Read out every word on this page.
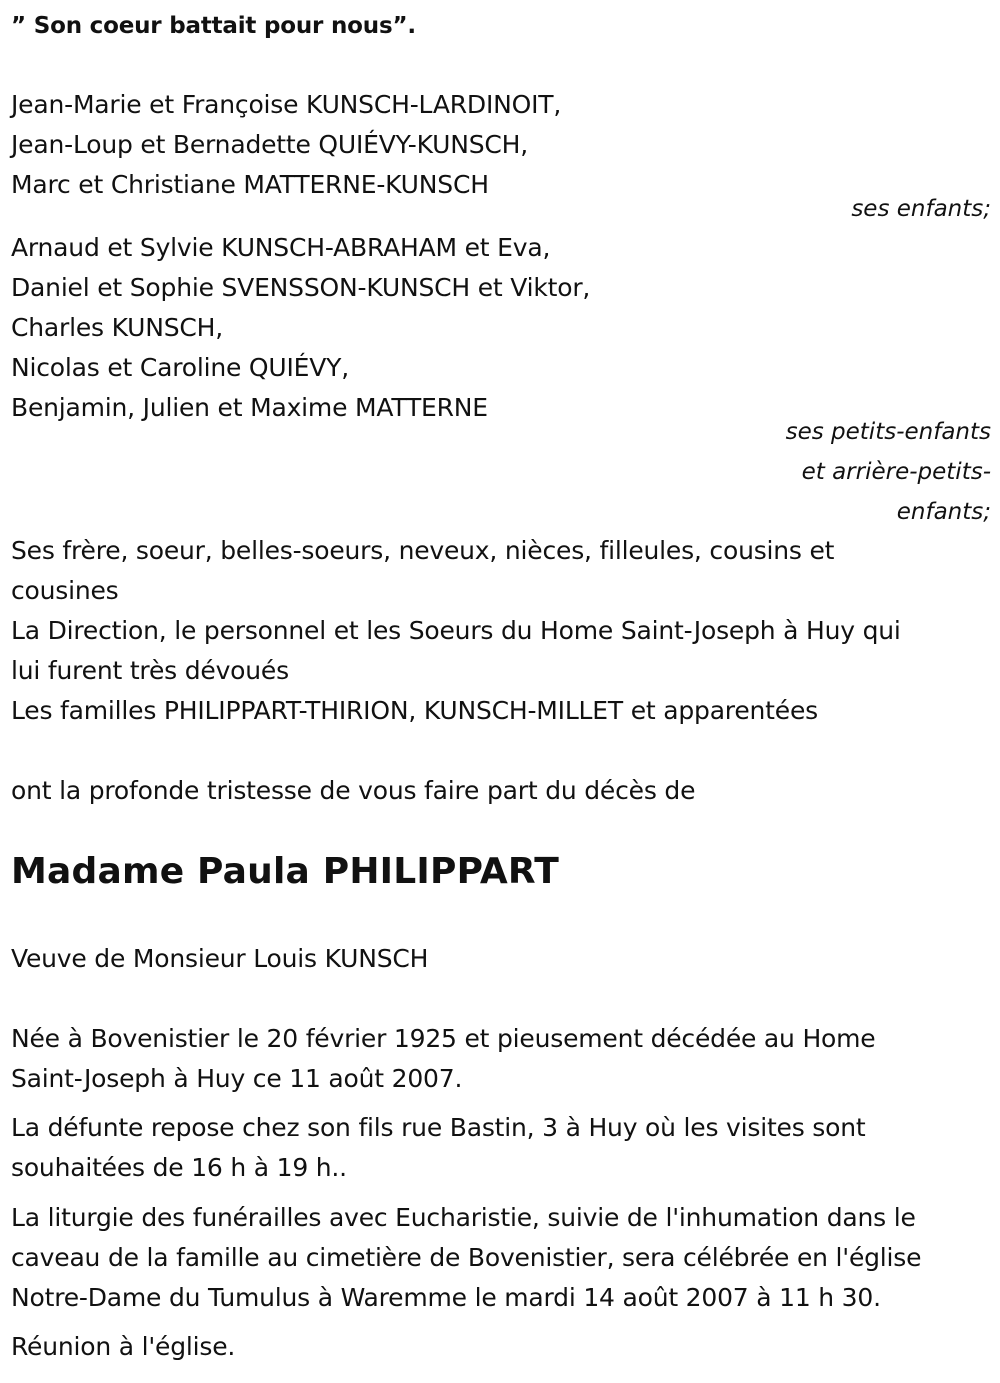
” Son coeur battait pour nous”.
Jean-Marie et Françoise KUNSCH-LARDINOIT,
Jean-Loup et Bernadette QUIÉVY-KUNSCH,
Marc et Christiane MATTERNE-KUNSCH
ses enfants;
Arnaud et Sylvie KUNSCH-ABRAHAM et Eva,
Daniel et Sophie SVENSSON-KUNSCH et Viktor,
Charles KUNSCH,
Nicolas et Caroline QUIÉVY,
Benjamin, Julien et Maxime MATTERNE
ses petits-enfants
et arrière-petits-
enfants;
Ses frère, soeur, belles-soeurs, neveux, nièces, filleules, cousins et
cousines
La Direction, le personnel et les Soeurs du Home Saint-Joseph à Huy qui
lui furent très dévoués
Les familles PHILIPPART-THIRION, KUNSCH-MILLET et apparentées
ont la profonde tristesse de vous faire part du décès de
Madame Paula PHILIPPART
Veuve de Monsieur Louis KUNSCH
Née à Bovenistier le 20 février 1925 et pieusement décédée au Home
Saint-Joseph à Huy ce 11 août 2007.
La défunte repose chez son fils rue Bastin, 3 à Huy où les visites sont
souhaitées de 16 h à 19 h..
La liturgie des funérailles avec Eucharistie, suivie de l'inhumation dans le
caveau de la famille au cimetière de Bovenistier, sera célébrée en l'église
Notre-Dame du Tumulus à Waremme le mardi 14 août 2007 à 11 h 30.
Réunion à l'église.
